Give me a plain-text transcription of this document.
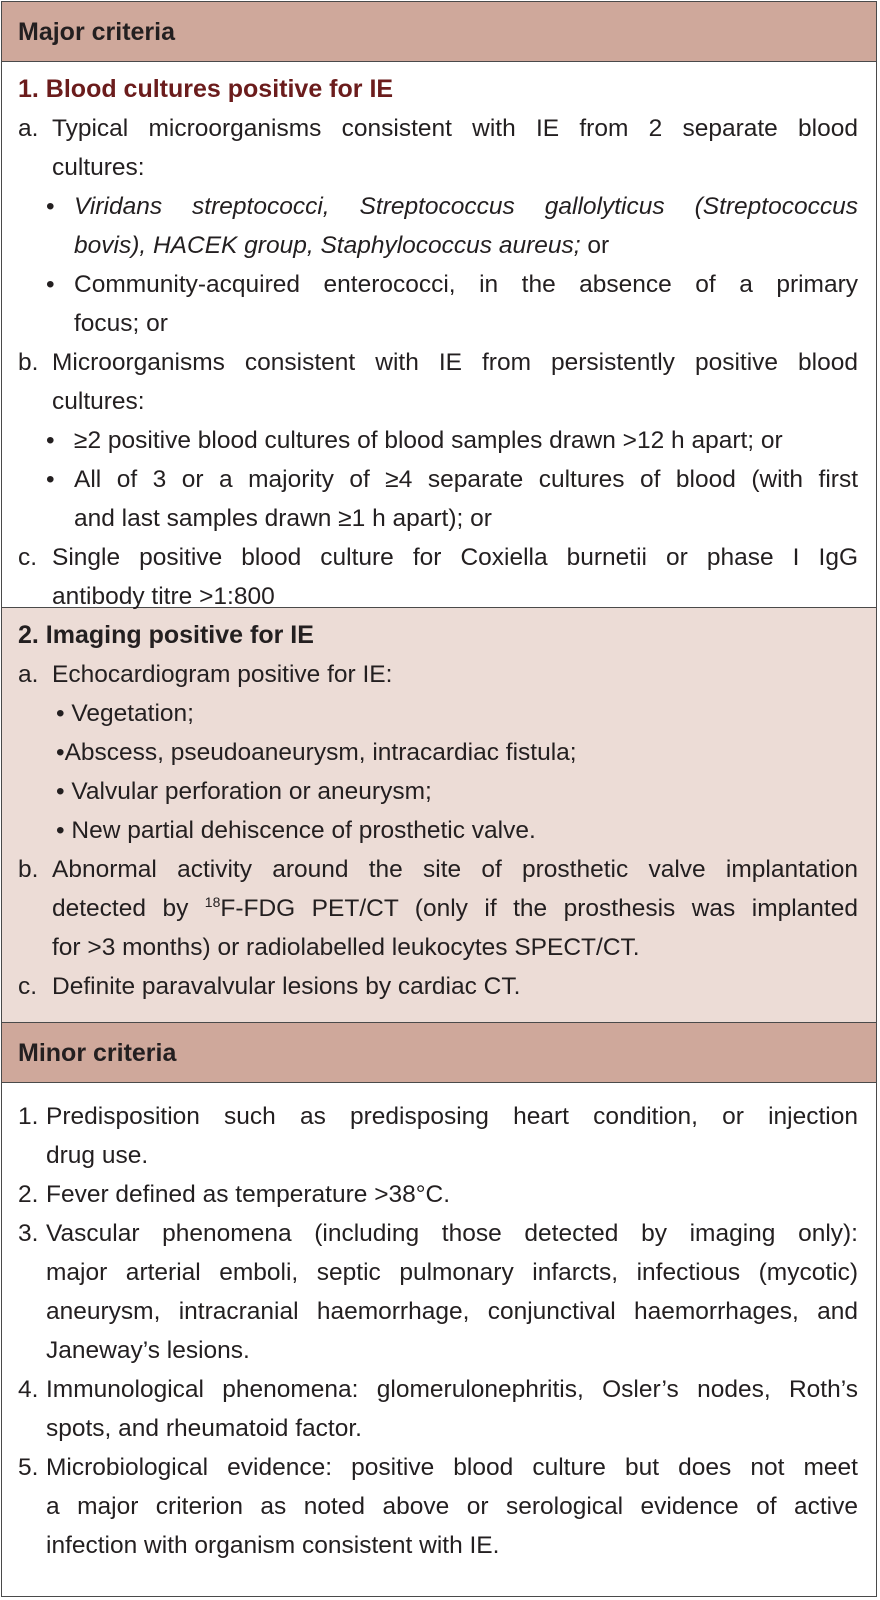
Major criteria
1. Blood cultures positive for IE
a. Typical microorganisms consistent with IE from 2 separate blood
cultures:
• Viridans streptococci, Streptococcus gallolyticus (Streptococcus
bovis), HACEK group, Staphylococcus aureus; or
• Community-acquired enterococci, in the absence of a primary
focus; or
b. Microorganisms consistent with IE from persistently positive blood
cultures:
• ≥2 positive blood cultures of blood samples drawn >12 h apart; or
• All of 3 or a majority of ≥4 separate cultures of blood (with first
and last samples drawn ≥1 h apart); or
c. Single positive blood culture for Coxiella burnetii or phase I IgG
antibody titre >1:800
2. Imaging positive for IE
a. Echocardiogram positive for IE:
• Vegetation;
•Abscess, pseudoaneurysm, intracardiac fistula;
• Valvular perforation or aneurysm;
• New partial dehiscence of prosthetic valve.
b. Abnormal activity around the site of prosthetic valve implantation
detected by $^{18}$F-FDG PET/CT (only if the prosthesis was implanted
for >3 months) or radiolabelled leukocytes SPECT/CT.
c. Definite paravalvular lesions by cardiac CT.
Minor criteria
1. Predisposition such as predisposing heart condition, or injection
drug use.
2. Fever defined as temperature >38°C.
3. Vascular phenomena (including those detected by imaging only):
major arterial emboli, septic pulmonary infarcts, infectious (mycotic)
aneurysm, intracranial haemorrhage, conjunctival haemorrhages, and
Janeway’s lesions.
4. Immunological phenomena: glomerulonephritis, Osler’s nodes, Roth’s
spots, and rheumatoid factor.
5. Microbiological evidence: positive blood culture but does not meet
a major criterion as noted above or serological evidence of active
infection with organism consistent with IE.
